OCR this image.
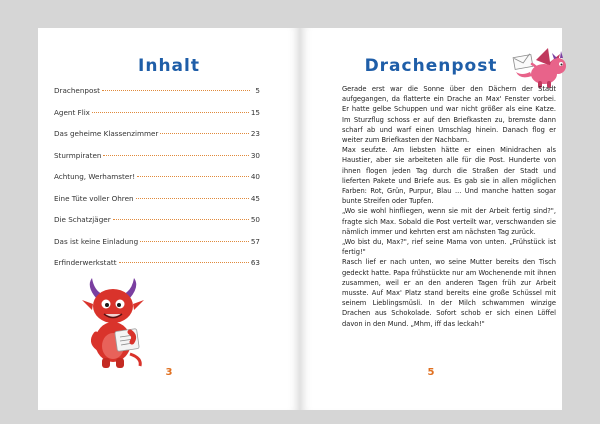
Inhalt
Drachenpost	5
Agent Flix	15
Das geheime Klassenzimmer	23
Sturmpiraten	30
Achtung, Werhamster!	40
Eine Tüte voller Ohren	45
Die Schatzjäger	50
Das ist keine Einladung	57
Erfinderwerkstatt	63
3
Drachenpost

Gerade erst war die Sonne über den Dächern der Stadt aufgegangen, da flatterte ein Drache an Max' Fenster vorbei. Er hatte gelbe Schuppen und war nicht größer als eine Katze. Im Sturzflug schoss er auf den Briefkasten zu, bremste dann scharf ab und warf einen Umschlag hinein. Danach flog er weiter zum Briefkasten der Nachbarn.

Max seufzte. Am liebsten hätte er einen Minidrachen als Haustier, aber sie arbeiteten alle für die Post. Hunderte von ihnen flogen jeden Tag durch die Straßen der Stadt und lieferten Pakete und Briefe aus. Es gab sie in allen möglichen Farben: Rot, Grün, Purpur, Blau ... Und manche hatten sogar bunte Streifen oder Tupfen.

„Wo sie wohl hinfliegen, wenn sie mit der Arbeit fertig sind?", fragte sich Max. Sobald die Post verteilt war, verschwanden sie nämlich immer und kehrten erst am nächsten Tag zurück.

„Wo bist du, Max?", rief seine Mama von unten. „Frühstück ist fertig!"

Rasch lief er nach unten, wo seine Mutter bereits den Tisch gedeckt hatte. Papa frühstückte nur am Wochenende mit ihnen zusammen, weil er an den anderen Tagen früh zur Arbeit musste. Auf Max' Platz stand bereits eine große Schüssel mit seinem Lieblingsmüsli. In der Milch schwammen winzige Drachen aus Schokolade. Sofort schob er sich einen Löffel davon in den Mund. „Mhm, iff das leckah!"

5
